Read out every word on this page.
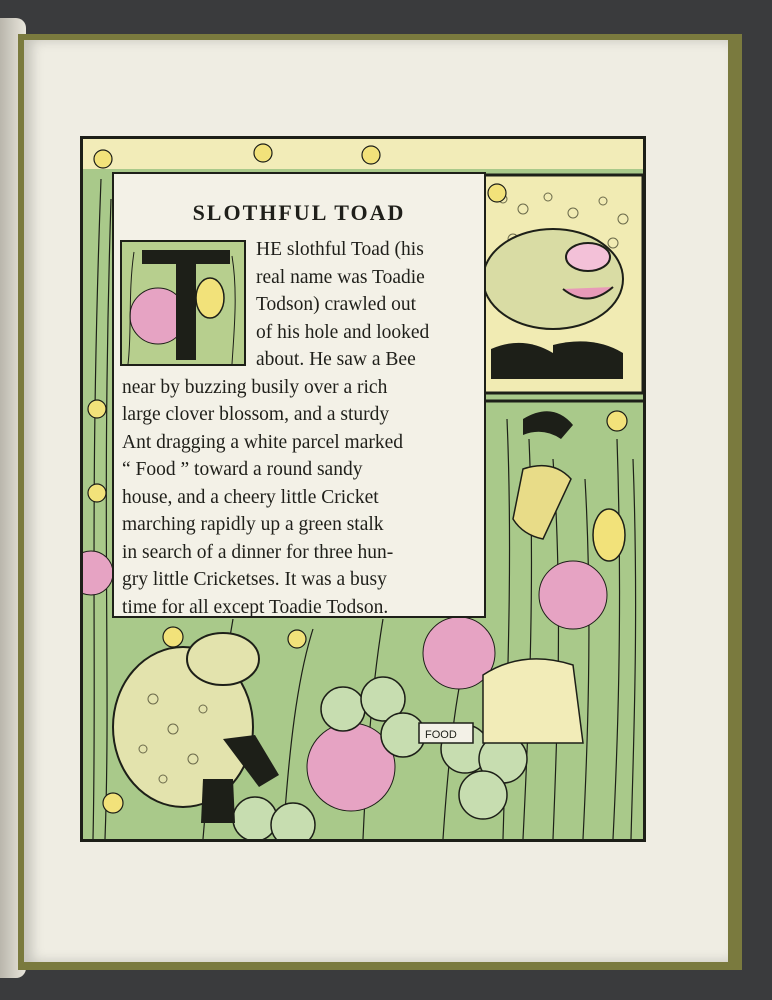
FOOD
SLOTHFUL TOAD
HE slothful Toad (his
real name was Toadie
Todson) crawled out
of his hole and looked
about. He saw a Bee
near by buzzing busily over a rich
large clover blossom, and a sturdy
Ant dragging a white parcel marked
“ Food ” toward a round sandy
house, and a cheery little Cricket
marching rapidly up a green stalk
in search of a dinner for three hun-
gry little Cricketses. It was a busy
time for all except Toadie Todson.
